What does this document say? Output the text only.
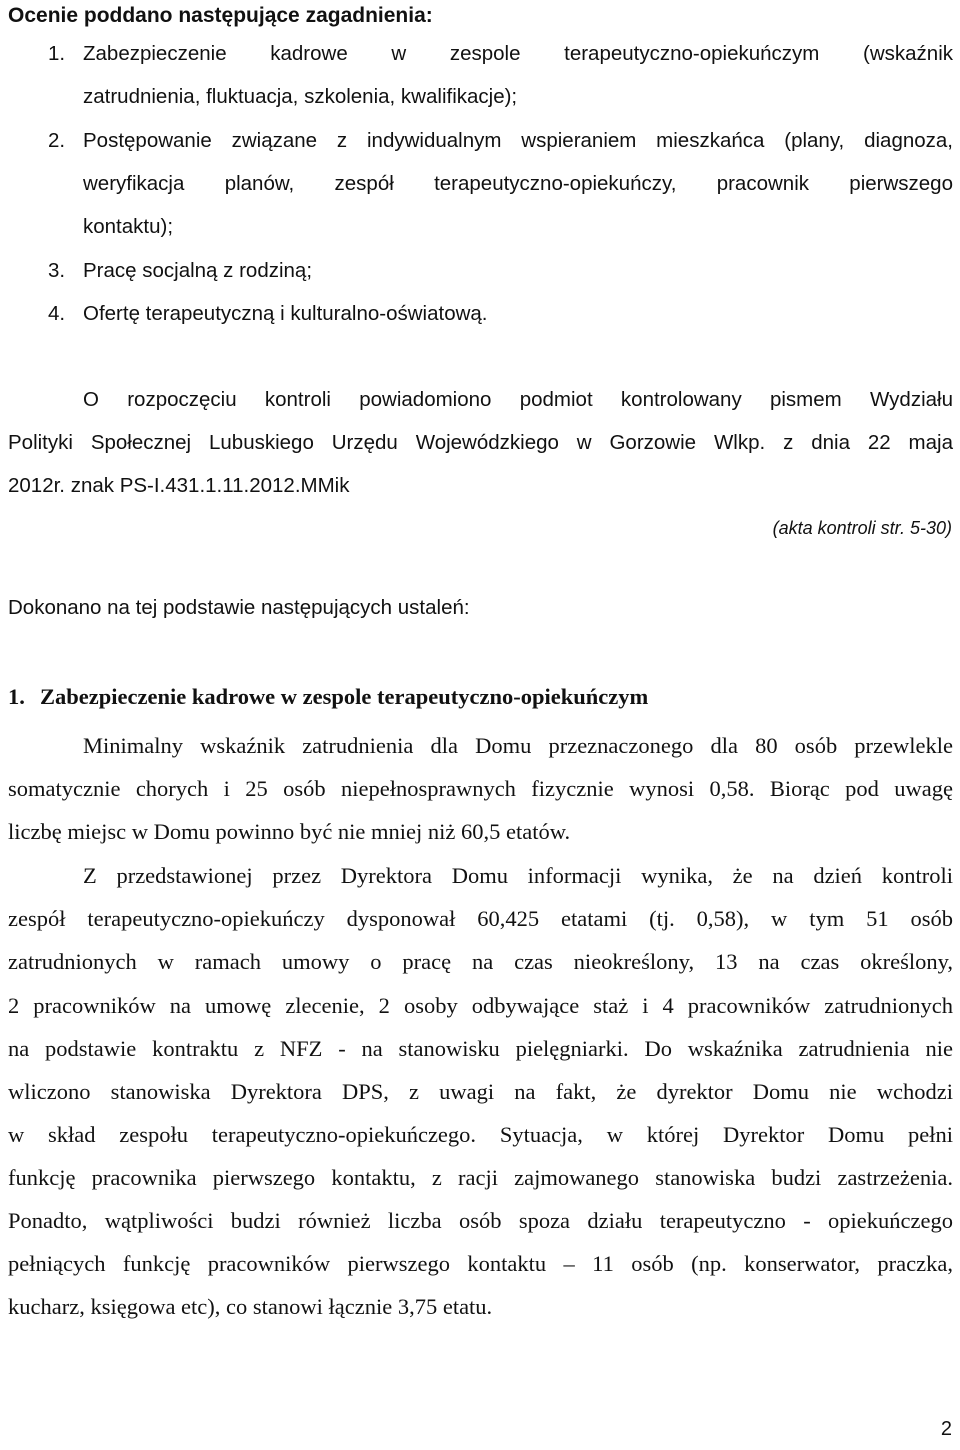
Ocenie poddano następujące zagadnienia:
1. Zabezpieczenie kadrowe w zespole terapeutyczno-opiekuńczym (wskaźnik
zatrudnienia, fluktuacja, szkolenia, kwalifikacje);
2. Postępowanie związane z indywidualnym wspieraniem mieszkańca (plany, diagnoza,
weryfikacja planów, zespół terapeutyczno-opiekuńczy, pracownik pierwszego
kontaktu);
3. Pracę socjalną z rodziną;
4. Ofertę terapeutyczną i kulturalno-oświatową.
O rozpoczęciu kontroli powiadomiono podmiot kontrolowany pismem Wydziału
Polityki Społecznej Lubuskiego Urzędu Wojewódzkiego w Gorzowie Wlkp. z dnia 22 maja
2012r. znak PS-I.431.1.11.2012.MMik
(akta kontroli str. 5-30)
Dokonano na tej podstawie następujących ustaleń:
1. Zabezpieczenie kadrowe w zespole terapeutyczno-opiekuńczym
Minimalny wskaźnik zatrudnienia dla Domu przeznaczonego dla 80 osób przewlekle
somatycznie chorych i 25 osób niepełnosprawnych fizycznie wynosi 0,58. Biorąc pod uwagę
liczbę miejsc w Domu powinno być nie mniej niż 60,5 etatów.
Z przedstawionej przez Dyrektora Domu informacji wynika, że na dzień kontroli
zespół terapeutyczno-opiekuńczy dysponował 60,425 etatami (tj. 0,58), w tym 51 osób
zatrudnionych w ramach umowy o pracę na czas nieokreślony, 13 na czas określony,
2 pracowników na umowę zlecenie, 2 osoby odbywające staż i 4 pracowników zatrudnionych
na podstawie kontraktu z NFZ - na stanowisku pielęgniarki. Do wskaźnika zatrudnienia nie
wliczono stanowiska Dyrektora DPS, z uwagi na fakt, że dyrektor Domu nie wchodzi
w skład zespołu terapeutyczno-opiekuńczego. Sytuacja, w której Dyrektor Domu pełni
funkcję pracownika pierwszego kontaktu, z racji zajmowanego stanowiska budzi zastrzeżenia.
Ponadto, wątpliwości budzi również liczba osób spoza działu terapeutyczno - opiekuńczego
pełniących funkcję pracowników pierwszego kontaktu – 11 osób (np. konserwator, praczka,
kucharz, księgowa etc), co stanowi łącznie 3,75 etatu.
2
